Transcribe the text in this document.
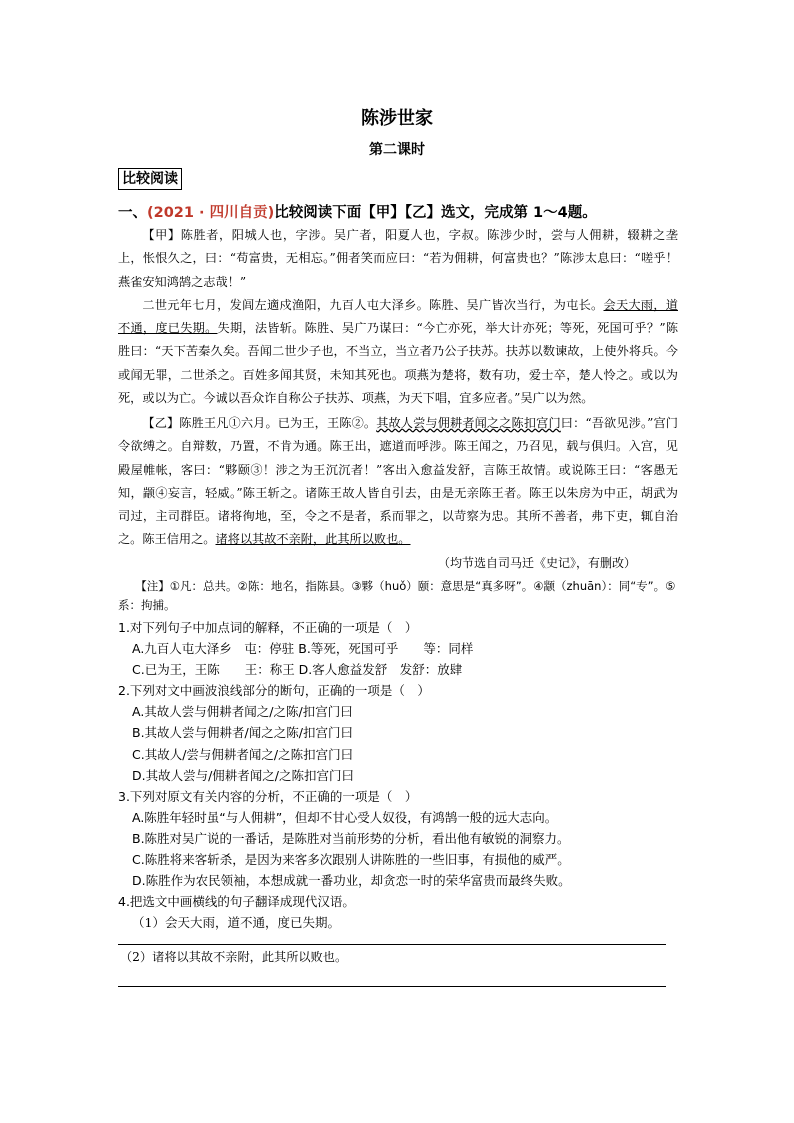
陈涉世家
第二课时
比较阅读
一、(2021 · 四川自贡)比较阅读下面【甲】【乙】选文，完成第 1～4题。

【甲】陈胜者，阳城人也，字涉。吴广者，阳夏人也，字叔。陈涉少时，尝与人佣耕，辍耕之垄上，怅恨久之，曰：“苟富贵，无相忘。”佣者笑而应曰：“若为佣耕，何富贵也？”陈涉太息曰：“嗟乎！燕雀安知鸿鹄之志哉！”

二世元年七月，发闾左適戍渔阳，九百人屯大泽乡。陈胜、吴广皆次当行，为屯长。会天大雨，道不通，度已失期。失期，法皆斩。陈胜、吴广乃谋曰：“今亡亦死，举大计亦死；等死，死国可乎？”陈胜曰：“天下苦秦久矣。吾闻二世少子也，不当立，当立者乃公子扶苏。扶苏以数谏故，上使外将兵。今或闻无罪，二世杀之。百姓多闻其贤，未知其死也。项燕为楚将，数有功，爱士卒，楚人怜之。或以为死，或以为亡。今诚以吾众诈自称公子扶苏、项燕，为天下唱，宜多应者。”吴广以为然。

【乙】陈胜王凡①六月。已为王，王陈②。其故人尝与佣耕者闻之之陈扣宫门曰：“吾欲见涉。”宫门令欲缚之。自辩数，乃置，不肯为通。陈王出，遮道而呼涉。陈王闻之，乃召见，载与俱归。入宫，见殿屋帷帐，客曰：“夥颐③！涉之为王沉沉者！”客出入愈益发舒，言陈王故情。或说陈王曰：“客愚无知，颛④妄言，轻威。”陈王斩之。诸陈王故人皆自引去，由是无亲陈王者。陈王以朱房为中正，胡武为司过，主司群臣。诸将徇地，至，令之不是者，系而罪之，以苛察为忠。其所不善者，弗下吏，辄自治之。陈王信用之。诸将以其故不亲附，此其所以败也。

（均节选自司马迁《史记》，有删改）
【注】①凡：总共。②陈：地名，指陈县。③夥（huǒ）颐：意思是“真多呀”。④颛（zhuān）：同“专”。⑤系：拘捕。
1.对下列句子中加点词的解释，不正确的一项是（　）
A.九百人屯大泽乡　屯：停驻 B.等死，死国可乎　　等：同样
C.已为王，王陈　　王：称王 D.客人愈益发舒　发舒：放肆
2.下列对文中画波浪线部分的断句，正确的一项是（　）
A.其故人尝与佣耕者闻之/之陈/扣宫门曰
B.其故人尝与佣耕者/闻之之陈/扣宫门曰
C.其故人/尝与佣耕者闻之/之陈扣宫门曰
D.其故人尝与/佣耕者闻之/之陈扣宫门曰
3.下列对原文有关内容的分析，不正确的一项是（　）
A.陈胜年轻时虽“与人佣耕”，但却不甘心受人奴役，有鸿鹄一般的远大志向。
B.陈胜对吴广说的一番话，是陈胜对当前形势的分析，看出他有敏锐的洞察力。
C.陈胜将来客斩杀，是因为来客多次跟别人讲陈胜的一些旧事，有损他的威严。
D.陈胜作为农民领袖，本想成就一番功业，却贪恋一时的荣华富贵而最终失败。
4.把选文中画横线的句子翻译成现代汉语。
（1）会天大雨，道不通，度已失期。
（2）诸将以其故不亲附，此其所以败也。
